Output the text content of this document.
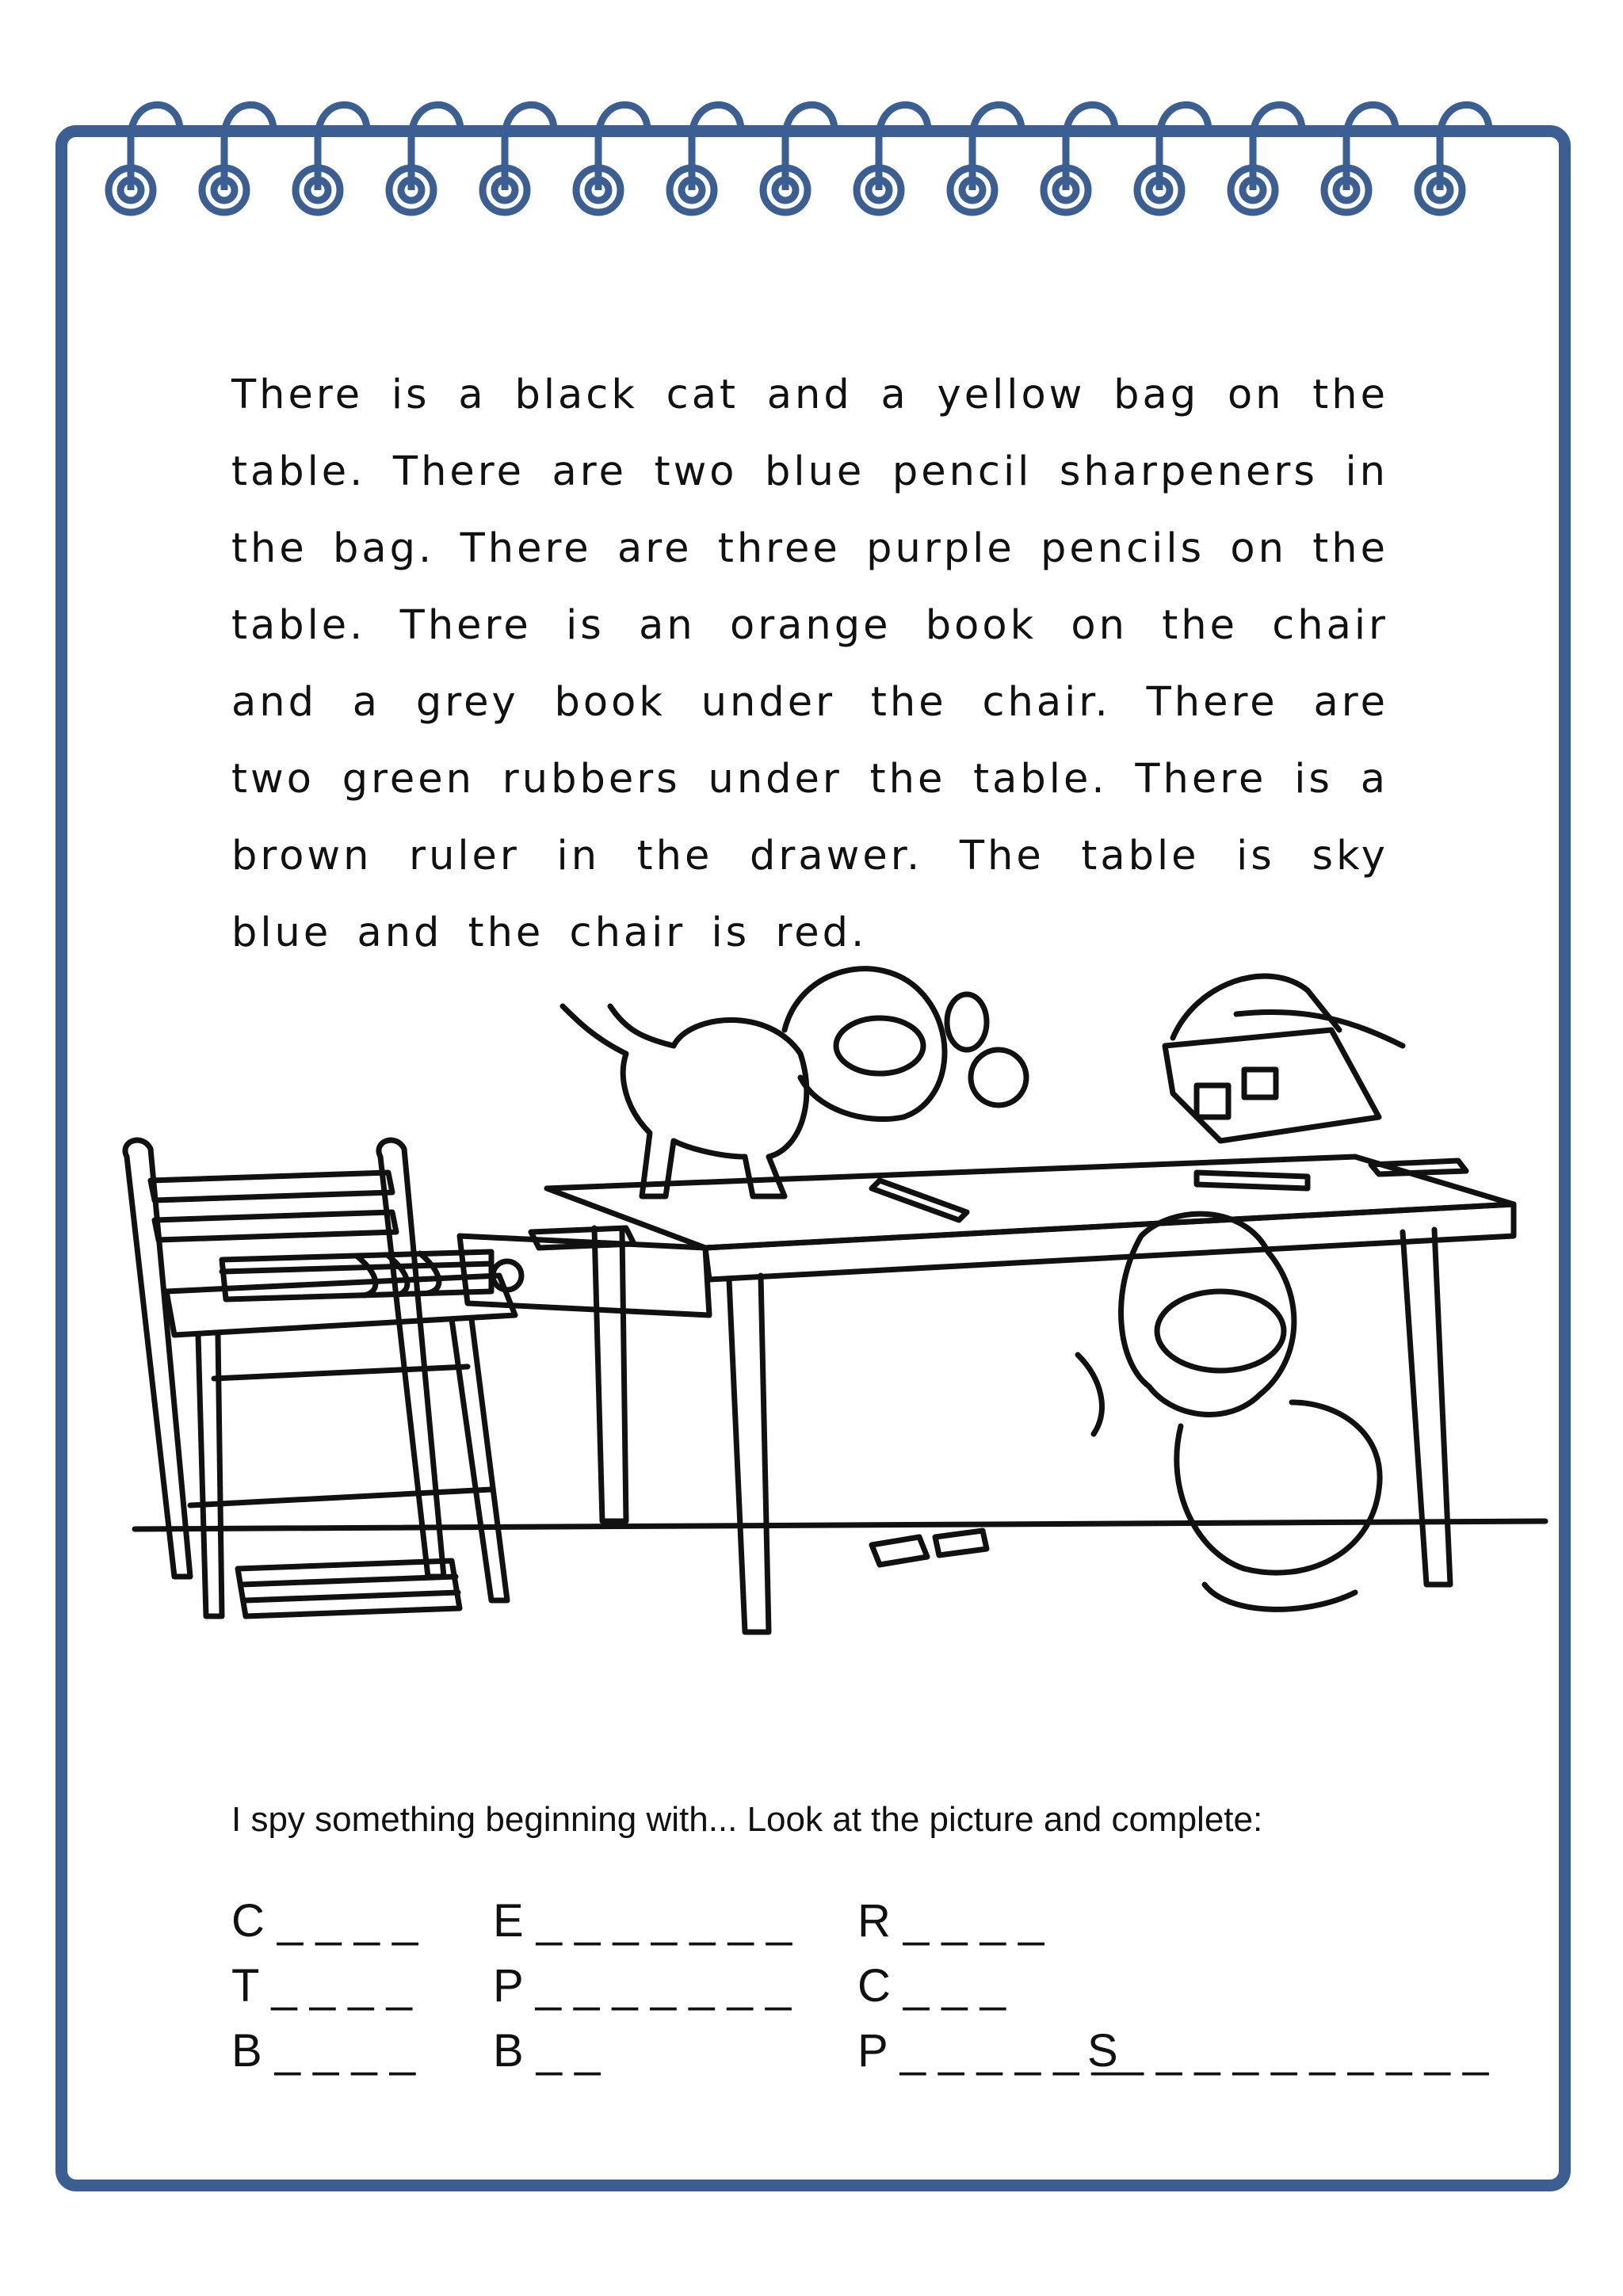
There is a black cat and a yellow bag on the table. There are two blue pencil sharpeners in the bag. There are three purple pencils on the table. There is an orange book on the chair and a grey book under the chair. There are two green rubbers under the table. There is a brown ruler in the drawer. The table is sky blue and the chair is red.

I spy something beginning with... Look at the picture and complete:

C _ _ _ _ E _ _ _ _ _ _ _ R _ _ _ _
T _ _ _ _ P _ _ _ _ _ _ _ C _ _ _
B _ _ _ _ B _ _	P _ _ _ _ _ _
S_ _ _ _ _ _ _ _ _ _
